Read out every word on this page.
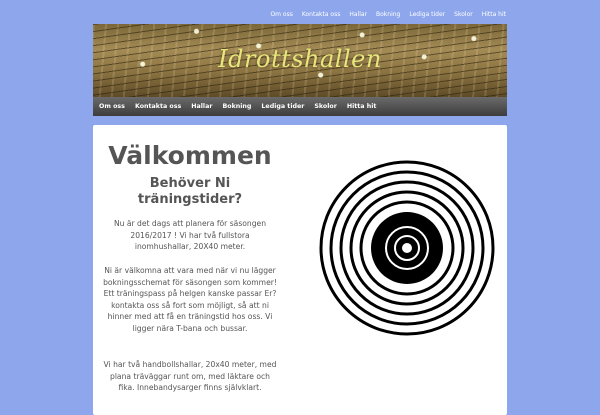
Om oss Kontakta oss Hallar Bokning Lediga tider Skolor Hitta hit
Idrottshallen
Om oss	Kontakta oss	Hallar	Bokning	Lediga tider	Skolor	Hitta hit
Välkommen
Behöver Ni träningstider?
Nu är det dags att planera för säsongen 2016/2017 ! Vi har två fullstora inomhushallar, 20X40 meter.
Ni är välkomna att vara med när vi nu lägger bokningsschemat för säsongen som kommer! Ett träningspass på helgen kanske passar Er? kontakta oss så fort som möjligt, så att ni hinner med att få en träningstid hos oss. Vi ligger nära T-bana och bussar.
Vi har två handbollshallar, 20x40 meter, med plana träväggar runt om, med läktare och fika. Innebandysarger finns självklart.
